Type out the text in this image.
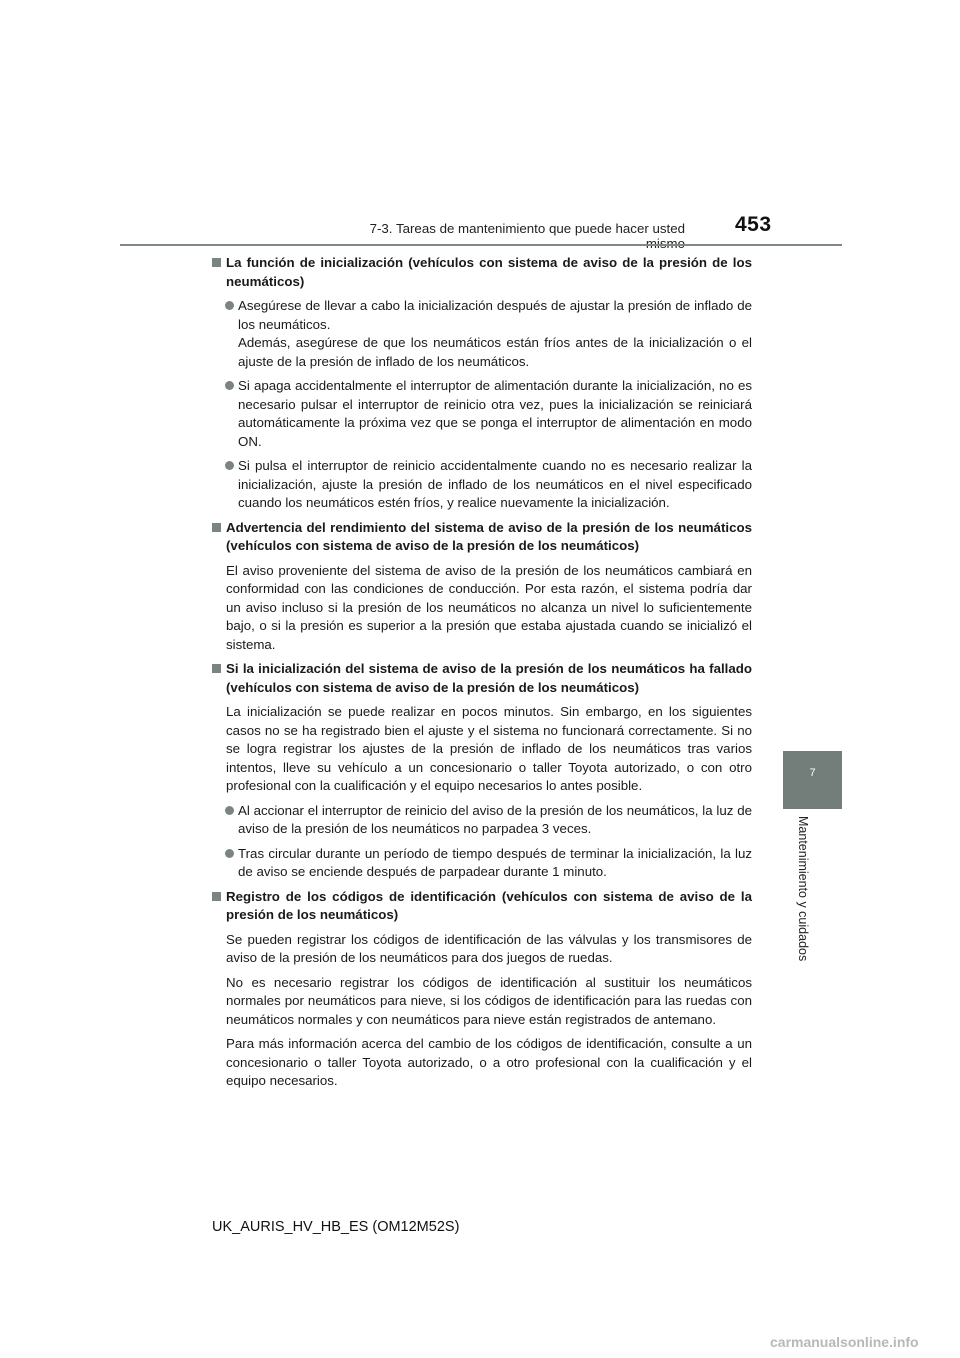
7-3. Tareas de mantenimiento que puede hacer usted 453
7
Mantenimiento y cuidados
La función de inicialización (vehículos con sistema de aviso de la presión de los neumáticos)
Asegúrese de llevar a cabo la inicialización después de ajustar la presión de inflado de los neumáticos.
Además, asegúrese de que los neumáticos están fríos antes de la inicialización o el ajuste de la presión de inflado de los neumáticos.
Si apaga accidentalmente el interruptor de alimentación durante la inicialización, no es necesario pulsar el interruptor de reinicio otra vez, pues la inicialización se reiniciará automáticamente la próxima vez que se ponga el interruptor de alimentación en modo ON.
Si pulsa el interruptor de reinicio accidentalmente cuando no es necesario realizar la inicialización, ajuste la presión de inflado de los neumáticos en el nivel especificado cuando los neumáticos estén fríos, y realice nuevamente la inicialización.
Advertencia del rendimiento del sistema de aviso de la presión de los neumáticos (vehículos con sistema de aviso de la presión de los neumáticos)
El aviso proveniente del sistema de aviso de la presión de los neumáticos cambiará en conformidad con las condiciones de conducción. Por esta razón, el sistema podría dar un aviso incluso si la presión de los neumáticos no alcanza un nivel lo suficientemente bajo, o si la presión es superior a la presión que estaba ajustada cuando se inicializó el sistema.
Si la inicialización del sistema de aviso de la presión de los neumáticos ha fallado (vehículos con sistema de aviso de la presión de los neumáticos)
La inicialización se puede realizar en pocos minutos. Sin embargo, en los siguientes casos no se ha registrado bien el ajuste y el sistema no funcionará correctamente. Si no se logra registrar los ajustes de la presión de inflado de los neumáticos tras varios intentos, lleve su vehículo a un concesionario o taller Toyota autorizado, o con otro profesional con la cualificación y el equipo necesarios lo antes posible.
Al accionar el interruptor de reinicio del aviso de la presión de los neumáticos, la luz de aviso de la presión de los neumáticos no parpadea 3 veces.
Tras circular durante un período de tiempo después de terminar la inicialización, la luz de aviso se enciende después de parpadear durante 1 minuto.
Registro de los códigos de identificación (vehículos con sistema de aviso de la presión de los neumáticos)
Se pueden registrar los códigos de identificación de las válvulas y los transmisores de aviso de la presión de los neumáticos para dos juegos de ruedas.
No es necesario registrar los códigos de identificación al sustituir los neumáticos normales por neumáticos para nieve, si los códigos de identificación para las ruedas con neumáticos normales y con neumáticos para nieve están registrados de antemano.
Para más información acerca del cambio de los códigos de identificación, consulte a un concesionario o taller Toyota autorizado, o a otro profesional con la cualificación y el equipo necesarios.
UK_AURIS_HV_HB_ES (OM12M52S)
carmanualsonline.info
